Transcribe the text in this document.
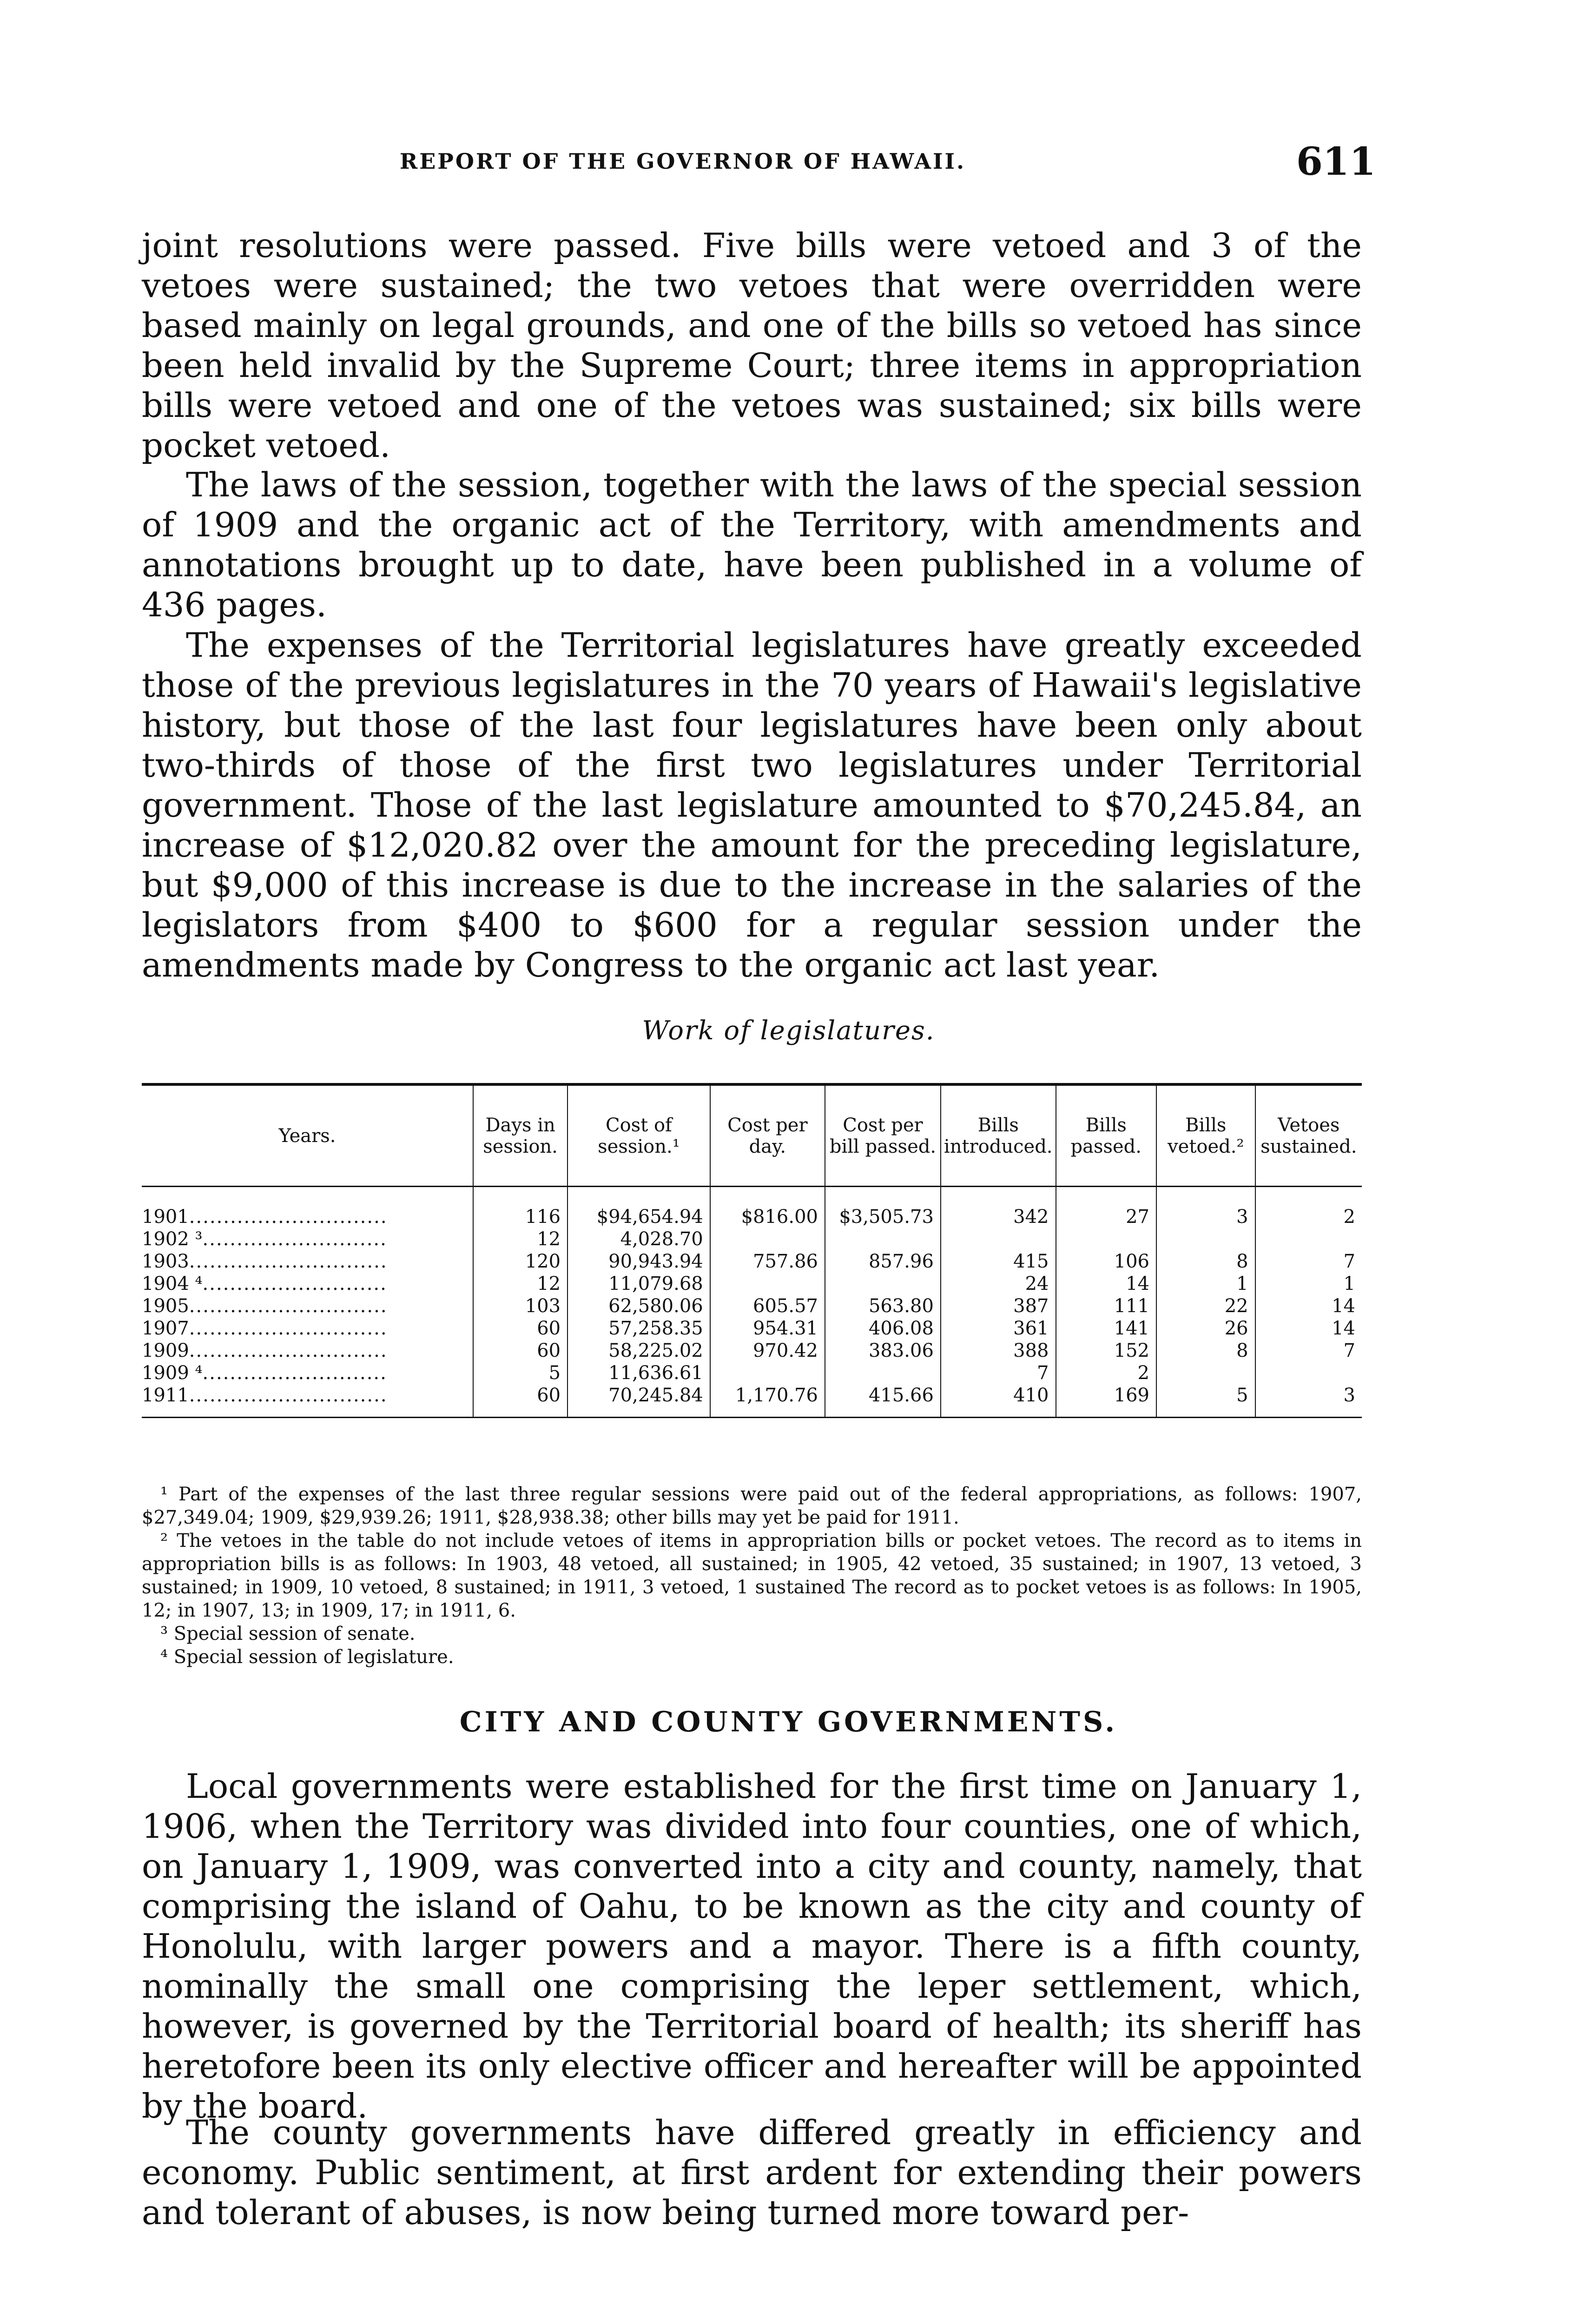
REPORT OF THE GOVERNOR OF HAWAII.	611

joint resolutions were passed. Five bills were vetoed and 3 of the vetoes were sustained; the two vetoes that were overridden were based mainly on legal grounds, and one of the bills so vetoed has since been held invalid by the Supreme Court; three items in appropriation bills were vetoed and one of the vetoes was sustained; six bills were pocket vetoed.

The laws of the session, together with the laws of the special session of 1909 and the organic act of the Territory, with amendments and annotations brought up to date, have been published in a volume of 436 pages.

The expenses of the Territorial legislatures have greatly exceeded those of the previous legislatures in the 70 years of Hawaii's legislative history, but those of the last four legislatures have been only about two-thirds of those of the first two legislatures under Territorial government. Those of the last legislature amounted to $70,245.84, an increase of $12,020.82 over the amount for the preceding legislature, but $9,000 of this increase is due to the increase in the salaries of the legislators from $400 to $600 for a regular session under the amendments made by Congress to the organic act last year.

Work of legislatures.
Years.	Days in session.	Cost of session.¹	Cost per day.	Cost per bill passed.	Bills introduced.	Bills passed.	Bills vetoed.²	Vetoes sustained.
1901.............................	116	$94,654.94	$816.00	$3,505.73	342	27	3	2
1902 ³...........................	12	4,028.70						
1903.............................	120	90,943.94	757.86	857.96	415	106	8	7
1904 ⁴...........................	12	11,079.68			24	14	1	1
1905.............................	103	62,580.06	605.57	563.80	387	111	22	14
1907.............................	60	57,258.35	954.31	406.08	361	141	26	14
1909.............................	60	58,225.02	970.42	383.06	388	152	8	7
1909 ⁴...........................	5	11,636.61			7	2		
1911.............................	60	70,245.84	1,170.76	415.66	410	169	5	3

¹ Part of the expenses of the last three regular sessions were paid out of the federal appropriations, as follows: 1907, $27,349.04; 1909, $29,939.26; 1911, $28,938.38; other bills may yet be paid for 1911.

² The vetoes in the table do not include vetoes of items in appropriation bills or pocket vetoes. The record as to items in appropriation bills is as follows: In 1903, 48 vetoed, all sustained; in 1905, 42 vetoed, 35 sustained; in 1907, 13 vetoed, 3 sustained; in 1909, 10 vetoed, 8 sustained; in 1911, 3 vetoed, 1 sustained The record as to pocket vetoes is as follows: In 1905, 12; in 1907, 13; in 1909, 17; in 1911, 6.

³ Special session of senate.

⁴ Special session of legislature.

CITY AND COUNTY GOVERNMENTS.

Local governments were established for the first time on January 1, 1906, when the Territory was divided into four counties, one of which, on January 1, 1909, was converted into a city and county, namely, that comprising the island of Oahu, to be known as the city and county of Honolulu, with larger powers and a mayor. There is a fifth county, nominally the small one comprising the leper settlement, which, however, is governed by the Territorial board of health; its sheriff has heretofore been its only elective officer and hereafter will be appointed by the board.

The county governments have differed greatly in efficiency and economy. Public sentiment, at first ardent for extending their powers and tolerant of abuses, is now being turned more toward per-
